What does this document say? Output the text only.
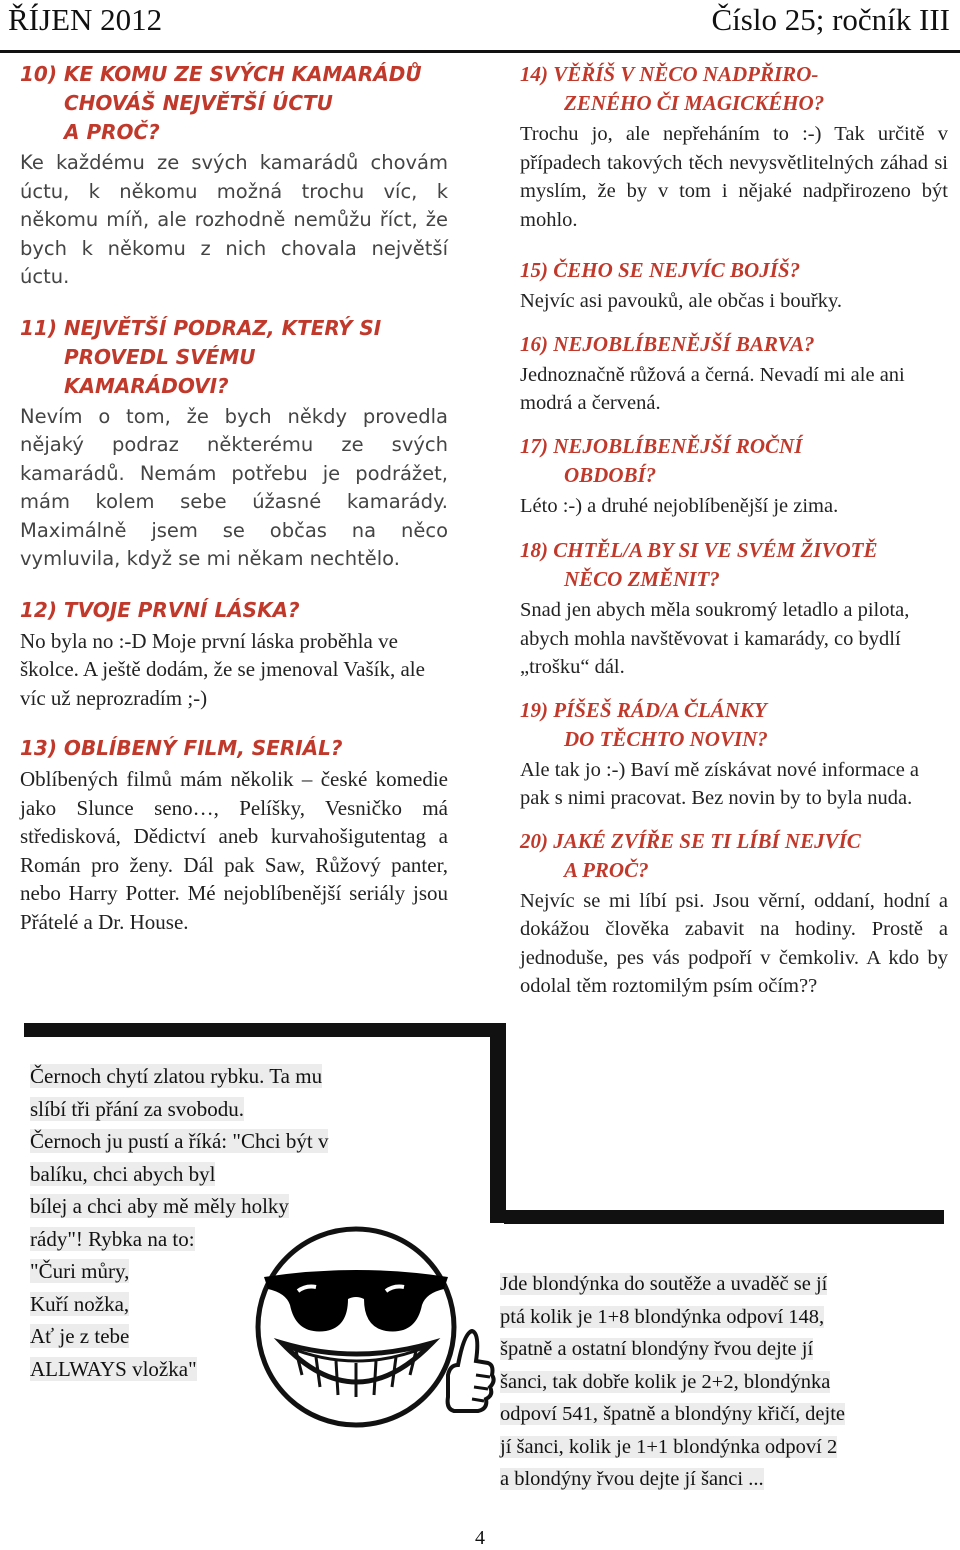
ŘÍJEN 2012	Číslo 25; ročník III

10) KE KOMU ZE SVÝCH KAMARÁDŮ
CHOVÁŠ NEJVĚTŠÍ ÚCTU
A PROČ?

Ke každému ze svých kamarádů chovám úctu, k někomu možná trochu víc, k někomu míň, ale rozhodně nemůžu říct, že bych k někomu z nich chovala největší úctu.

11) NEJVĚTŠÍ PODRAZ, KTERÝ SI
PROVEDL SVÉMU
KAMARÁDOVI?

Nevím o tom, že bych někdy provedla nějaký podraz některému ze svých kamarádů. Nemám potřebu je podrážet, mám kolem sebe úžasné kamarády. Maximálně jsem se občas na něco vymluvila, když se mi někam nechtělo.

12) TVOJE PRVNÍ LÁSKA?

No byla no :-D Moje první láska proběhla ve školce. A ještě dodám, že se jmenoval Vašík, ale víc už neprozradím ;-)

13) OBLÍBENÝ FILM, SERIÁL?

Oblíbených filmů mám několik – české komedie jako Slunce seno…, Pelíšky, Vesničko má středisková, Dědictví aneb kurvahošigutentag a Román pro ženy. Dál pak Saw, Růžový panter, nebo Harry Potter. Mé nejoblíbenější seriály jsou Přátelé a Dr. House.

14) VĚŘÍŠ V NĚCO NADPŘIRO-
ZENÉHO ČI MAGICKÉHO?

Trochu jo, ale nepřeháním to :-) Tak určitě v případech takových těch nevysvětlitelných záhad si myslím, že by v tom i nějaké nadpřirozeno být mohlo.

15) ČEHO SE NEJVÍC BOJÍŠ?

Nejvíc asi pavouků, ale občas i bouřky.

16) NEJOBLÍBENĚJŠÍ BARVA?

Jednoznačně růžová a černá. Nevadí mi ale ani modrá a červená.

17) NEJOBLÍBENĚJŠÍ ROČNÍ
OBDOBÍ?

Léto :-) a druhé nejoblíbenější je zima.

18) CHTĚL/A BY SI VE SVÉM ŽIVOTĚ
NĚCO ZMĚNIT?

Snad jen abych měla soukromý letadlo a pilota, abych mohla navštěvovat i kamarády, co bydlí „trošku“ dál.

19) PÍŠEŠ RÁD/A ČLÁNKY
DO TĚCHTO NOVIN?

Ale tak jo :-) Baví mě získávat nové informace a pak s nimi pracovat. Bez novin by to byla nuda.

20) JAKÉ ZVÍŘE SE TI LÍBÍ NEJVÍC
A PROČ?

Nejvíc se mi líbí psi. Jsou věrní, oddaní, hodní a dokážou člověka zabavit na hodiny. Prostě a jednoduše, pes vás podpoří v čemkoliv. A kdo by odolal těm roztomilým psím očím??

Černoch chytí zlatou rybku. Ta mu
slíbí tři přání za svobodu.
Černoch ju pustí a říká: "Chci být v
balíku, chci abych byl
bílej a chci aby mě měly holky
rády"! Rybka na to:
"Čuri můry,
Kuří nožka,
Ať je z tebe
ALLWAYS vložka"
Jde blondýnka do soutěže a uvaděč se jí
ptá kolik je 1+8 blondýnka odpoví 148,
špatně a ostatní blondýny řvou dejte jí
šanci, tak dobře kolik je 2+2, blondýnka
odpoví 541, špatně a blondýny křičí, dejte
jí šanci, kolik je 1+1 blondýnka odpoví 2
a blondýny řvou dejte jí šanci ...
4
